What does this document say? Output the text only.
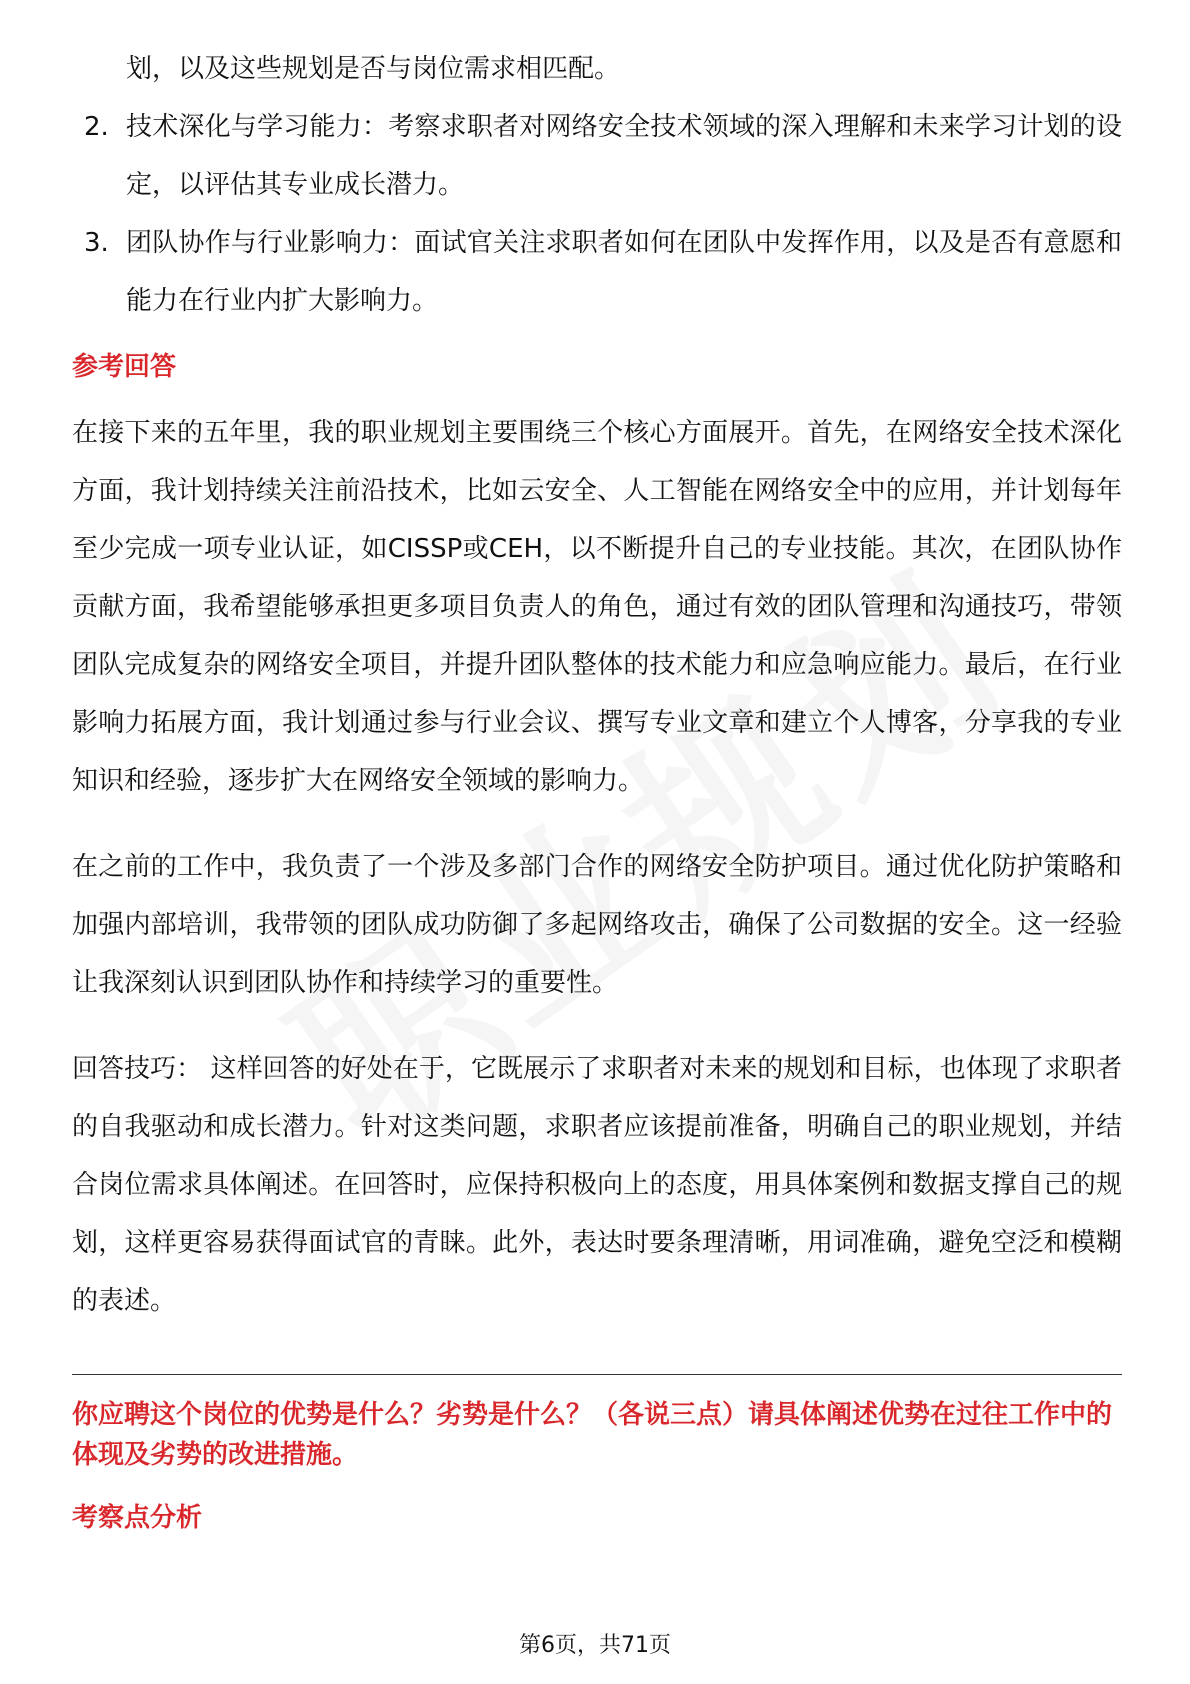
划，以及这些规划是否与岗位需求相匹配。

2. 技术深化与学习能力：考察求职者对网络安全技术领域的深入理解和未来学习计划的设定，以评估其专业成长潜力。
3. 团队协作与行业影响力：面试官关注求职者如何在团队中发挥作用，以及是否有意愿和能力在行业内扩大影响力。

参考回答

在接下来的五年里，我的职业规划主要围绕三个核心方面展开。首先，在网络安全技术深化方面，我计划持续关注前沿技术，比如云安全、人工智能在网络安全中的应用，并计划每年至少完成一项专业认证，如CISSP或CEH，以不断提升自己的专业技能。其次，在团队协作贡献方面，我希望能够承担更多项目负责人的角色，通过有效的团队管理和沟通技巧，带领团队完成复杂的网络安全项目，并提升团队整体的技术能力和应急响应能力。最后，在行业影响力拓展方面，我计划通过参与行业会议、撰写专业文章和建立个人博客，分享我的专业知识和经验，逐步扩大在网络安全领域的影响力。

在之前的工作中，我负责了一个涉及多部门合作的网络安全防护项目。通过优化防护策略和加强内部培训，我带领的团队成功防御了多起网络攻击，确保了公司数据的安全。这一经验让我深刻认识到团队协作和持续学习的重要性。

回答技巧： 这样回答的好处在于，它既展示了求职者对未来的规划和目标，也体现了求职者的自我驱动和成长潜力。针对这类问题，求职者应该提前准备，明确自己的职业规划，并结合岗位需求具体阐述。在回答时，应保持积极向上的态度，用具体案例和数据支撑自己的规划，这样更容易获得面试官的青睐。此外，表达时要条理清晰，用词准确，避免空泛和模糊的表述。

你应聘这个岗位的优势是什么？劣势是什么？（各说三点）请具体阐述优势在过往工作中的体现及劣势的改进措施。

考察点分析

第6页，共71页
